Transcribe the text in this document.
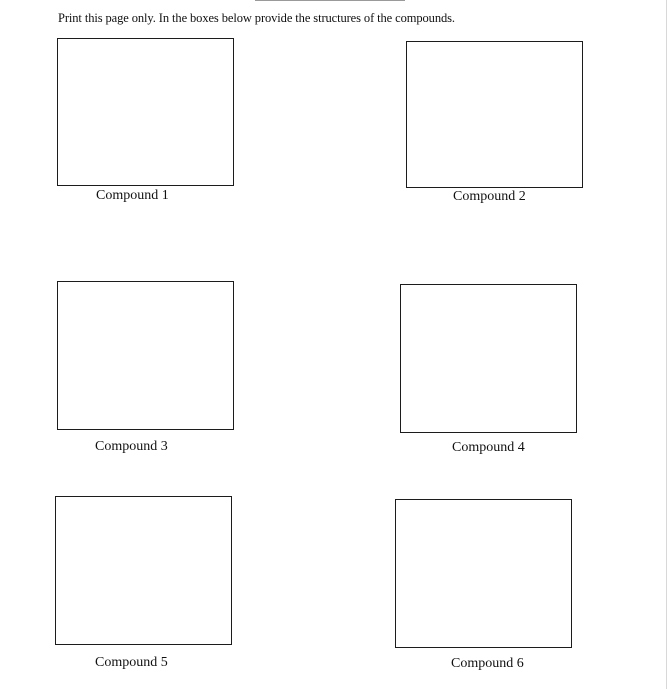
Print this page only. In the boxes below provide the structures of the compounds.
Compound 1	Compound 2
Compound 3	Compound 4
Compound 5	Compound 6
